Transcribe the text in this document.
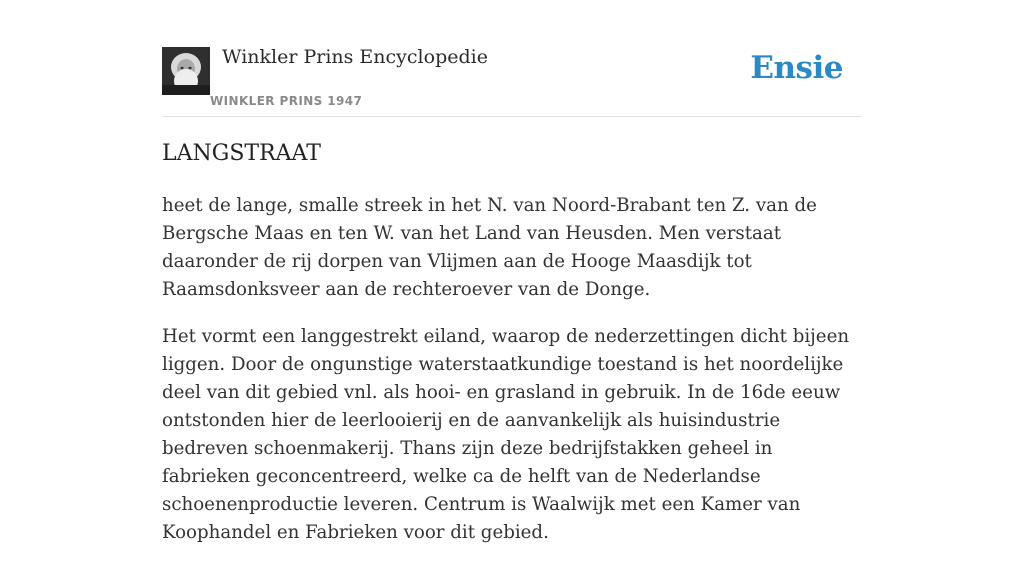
Winkler Prins Encyclopedie
WINKLER PRINS 1947
Ensie
LANGSTRAAT

heet de lange, smalle streek in het N. van Noord-Brabant ten Z. van de Bergsche Maas en ten W. van het Land van Heusden. Men verstaat daaronder de rij dorpen van Vlijmen aan de Hooge Maasdijk tot Raamsdonksveer aan de rechteroever van de Donge.

Het vormt een langgestrekt eiland, waarop de nederzettingen dicht bijeen liggen. Door de ongunstige waterstaatkundige toestand is het noordelijke deel van dit gebied vnl. als hooi- en grasland in gebruik. In de 16de eeuw ontstonden hier de leerlooierij en de aanvankelijk als huisindustrie bedreven schoenmakerij. Thans zijn deze bedrijfstakken geheel in fabrieken geconcentreerd, welke ca de helft van de Nederlandse schoenenproductie leveren. Centrum is Waalwijk met een Kamer van Koophandel en Fabrieken voor dit gebied.
